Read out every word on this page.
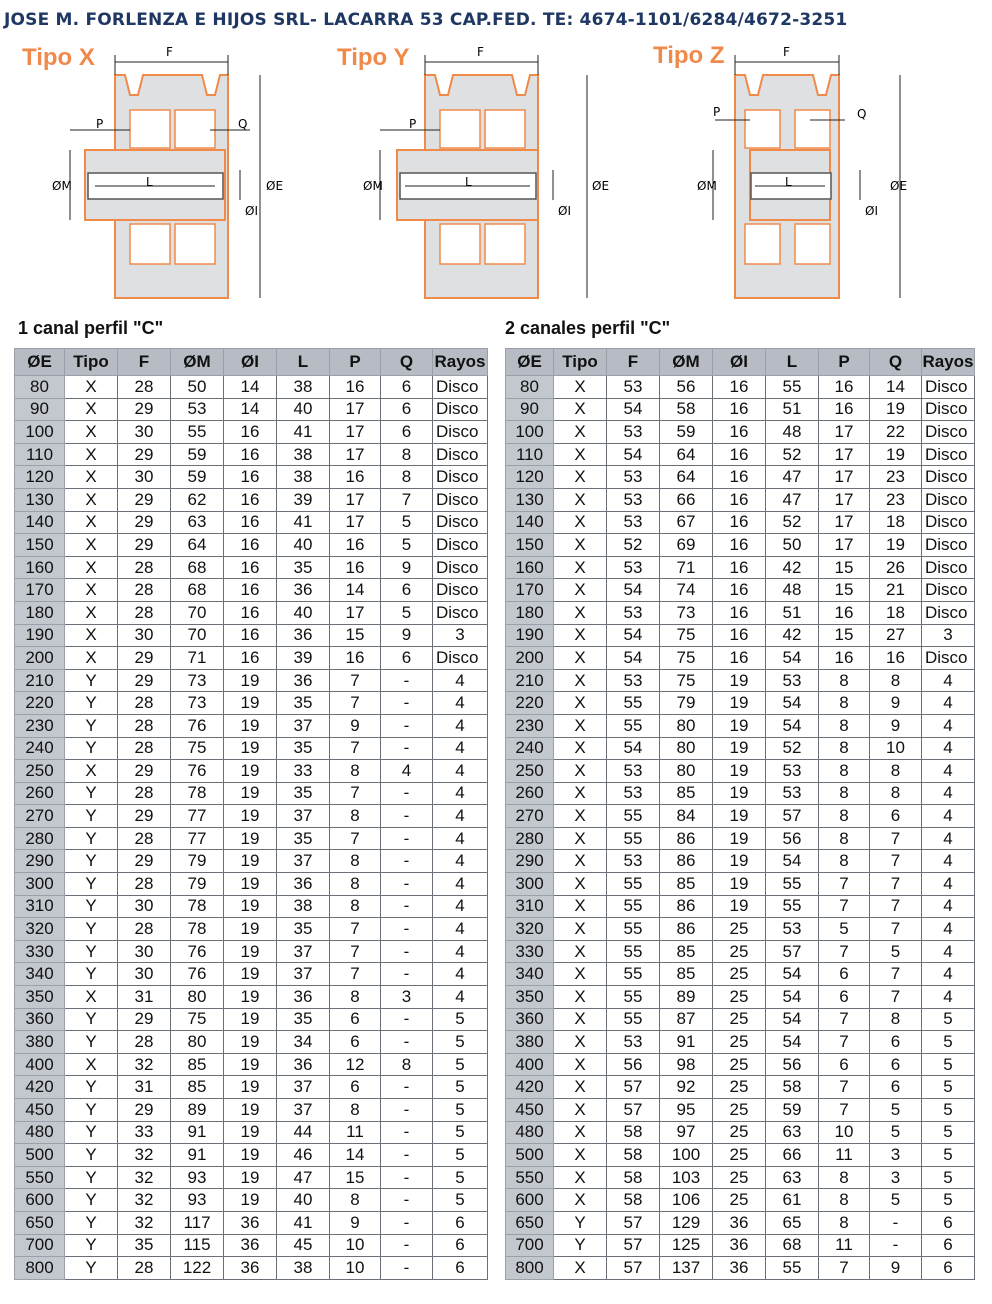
JOSE M. FORLENZA E HIJOS SRL- LACARRA 53 CAP.FED. TE: 4674-1101/6284/4672-3251
Tipo X	F
P	Q
ØM	L	ØE
ØI
Tipo Y	F
P
ØM	L	ØE
ØI
Tipo Z	F
P	Q
ØM	L	ØE
ØI
1 canal perfil "C"	2 canales perfil "C"
ØE	Tipo	F	ØM	ØI	L	P	Q	Rayos
80	X	28	50	14	38	16	6	Disco
90	X	29	53	14	40	17	6	Disco
100	X	30	55	16	41	17	6	Disco
110	X	29	59	16	38	17	8	Disco
120	X	30	59	16	38	16	8	Disco
130	X	29	62	16	39	17	7	Disco
140	X	29	63	16	41	17	5	Disco
150	X	29	64	16	40	16	5	Disco
160	X	28	68	16	35	16	9	Disco
170	X	28	68	16	36	14	6	Disco
180	X	28	70	16	40	17	5	Disco
190	X	30	70	16	36	15	9	3
200	X	29	71	16	39	16	6	Disco
210	Y	29	73	19	36	7	-	4
220	Y	28	73	19	35	7	-	4
230	Y	28	76	19	37	9	-	4
240	Y	28	75	19	35	7	-	4
250	X	29	76	19	33	8	4	4
260	Y	28	78	19	35	7	-	4
270	Y	29	77	19	37	8	-	4
280	Y	28	77	19	35	7	-	4
290	Y	29	79	19	37	8	-	4
300	Y	28	79	19	36	8	-	4
310	Y	30	78	19	38	8	-	4
320	Y	28	78	19	35	7	-	4
330	Y	30	76	19	37	7	-	4
340	Y	30	76	19	37	7	-	4
350	X	31	80	19	36	8	3	4
360	Y	29	75	19	35	6	-	5
380	Y	28	80	19	34	6	-	5
400	X	32	85	19	36	12	8	5
420	Y	31	85	19	37	6	-	5
450	Y	29	89	19	37	8	-	5
480	Y	33	91	19	44	11	-	5
500	Y	32	91	19	46	14	-	5
550	Y	32	93	19	47	15	-	5
600	Y	32	93	19	40	8	-	5
650	Y	32	117	36	41	9	-	6
700	Y	35	115	36	45	10	-	6
800	Y	28	122	36	38	10	-	6
ØE	Tipo	F	ØM	ØI	L	P	Q	Rayos
80	X	53	56	16	55	16	14	Disco
90	X	54	58	16	51	16	19	Disco
100	X	53	59	16	48	17	22	Disco
110	X	54	64	16	52	17	19	Disco
120	X	53	64	16	47	17	23	Disco
130	X	53	66	16	47	17	23	Disco
140	X	53	67	16	52	17	18	Disco
150	X	52	69	16	50	17	19	Disco
160	X	53	71	16	42	15	26	Disco
170	X	54	74	16	48	15	21	Disco
180	X	53	73	16	51	16	18	Disco
190	X	54	75	16	42	15	27	3
200	X	54	75	16	54	16	16	Disco
210	X	53	75	19	53	8	8	4
220	X	55	79	19	54	8	9	4
230	X	55	80	19	54	8	9	4
240	X	54	80	19	52	8	10	4
250	X	53	80	19	53	8	8	4
260	X	53	85	19	53	8	8	4
270	X	55	84	19	57	8	6	4
280	X	55	86	19	56	8	7	4
290	X	53	86	19	54	8	7	4
300	X	55	85	19	55	7	7	4
310	X	55	86	19	55	7	7	4
320	X	55	86	25	53	5	7	4
330	X	55	85	25	57	7	5	4
340	X	55	85	25	54	6	7	4
350	X	55	89	25	54	6	7	4
360	X	55	87	25	54	7	8	5
380	X	53	91	25	54	7	6	5
400	X	56	98	25	56	6	6	5
420	X	57	92	25	58	7	6	5
450	X	57	95	25	59	7	5	5
480	X	58	97	25	63	10	5	5
500	X	58	100	25	66	11	3	5
550	X	58	103	25	63	8	3	5
600	X	58	106	25	61	8	5	5
650	Y	57	129	36	65	8	-	6
700	Y	57	125	36	68	11	-	6
800	X	57	137	36	55	7	9	6
